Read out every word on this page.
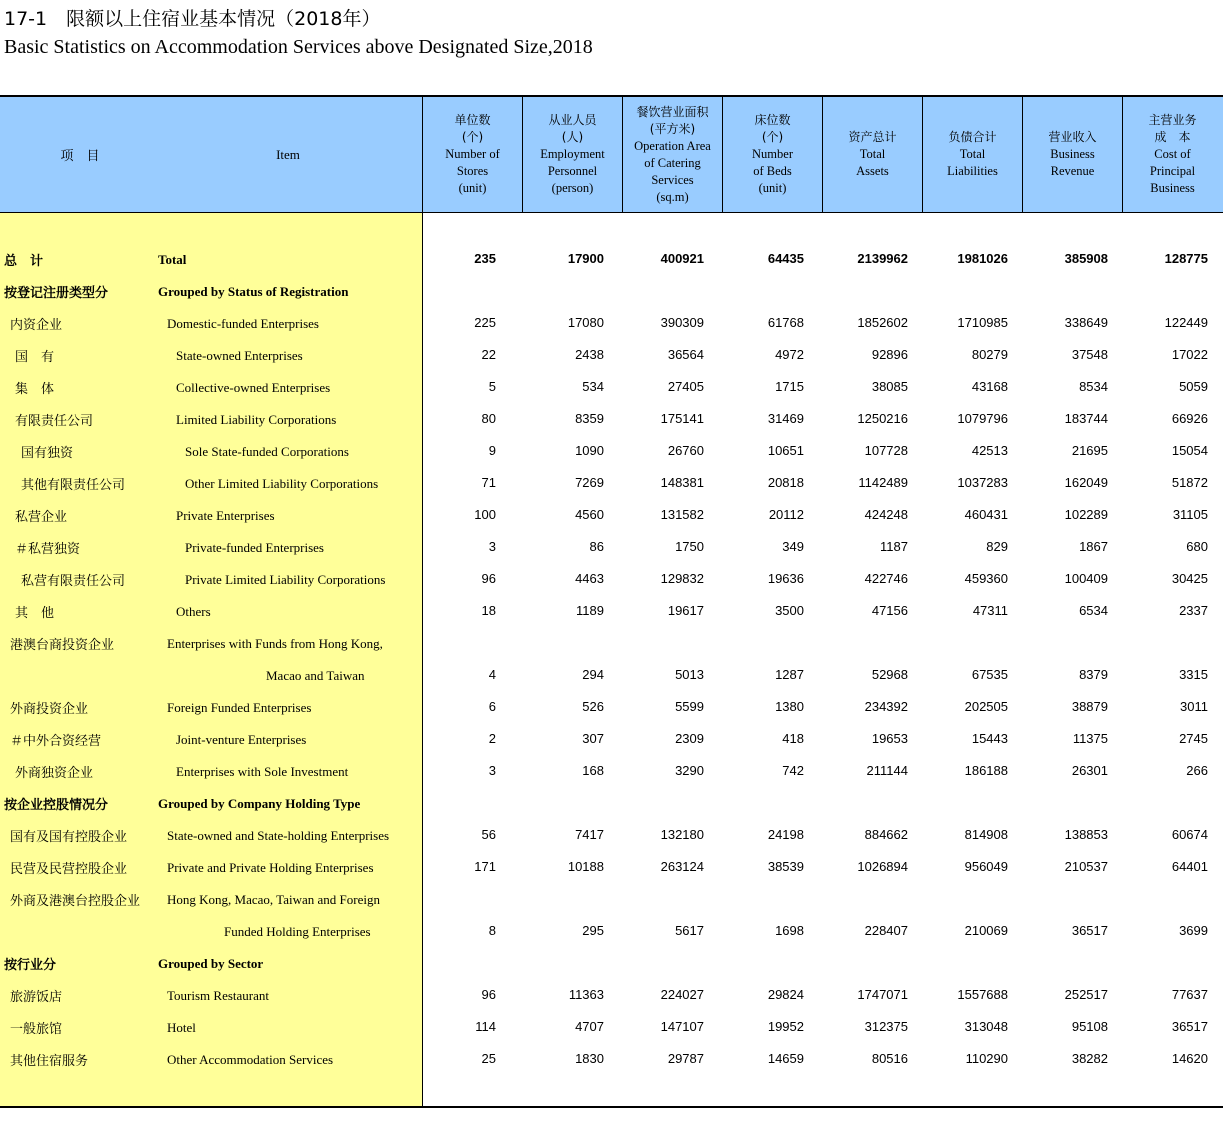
17-1　限额以上住宿业基本情况（2018年）
Basic Statistics on Accommodation Services above Designated Size,2018
项　目	Item
单位数
(个)
Number of
Stores
(unit)
从业人员
(人)
Employment
Personnel
(person)
餐饮营业面积
(平方米)
Operation Area
of Catering
Services
(sq.m)
床位数
(个)
Number
of Beds
(unit)
资产总计
Total
Assets
负债合计
Total
Liabilities
营业收入
Business
Revenue
主营业务
成　本
Cost of
Principal
Business
总　计	Total	235	17900	400921	64435	2139962	1981026	385908	128775
按登记注册类型分	Grouped by Status of Registration
内资企业	Domestic-funded Enterprises	225	17080	390309	61768	1852602	1710985	338649	122449
国　有	State-owned Enterprises	22	2438	36564	4972	92896	80279	37548	17022
集　体	Collective-owned Enterprises	5	534	27405	1715	38085	43168	8534	5059
有限责任公司	Limited Liability Corporations	80	8359	175141	31469	1250216	1079796	183744	66926
国有独资	Sole State-funded Corporations	9	1090	26760	10651	107728	42513	21695	15054
其他有限责任公司	Other Limited Liability Corporations	71	7269	148381	20818	1142489	1037283	162049	51872
私营企业	Private Enterprises	100	4560	131582	20112	424248	460431	102289	31105
＃私营独资	Private-funded Enterprises	3	86	1750	349	1187	829	1867	680
私营有限责任公司	Private Limited Liability Corporations	96	4463	129832	19636	422746	459360	100409	30425
其　他	Others	18	1189	19617	3500	47156	47311	6534	2337
港澳台商投资企业	Enterprises with Funds from Hong Kong,
Macao and Taiwan	4	294	5013	1287	52968	67535	8379	3315
外商投资企业	Foreign Funded Enterprises	6	526	5599	1380	234392	202505	38879	3011
＃中外合资经营	Joint-venture Enterprises	2	307	2309	418	19653	15443	11375	2745
外商独资企业	Enterprises with Sole Investment	3	168	3290	742	211144	186188	26301	266
按企业控股情况分	Grouped by Company Holding Type
国有及国有控股企业	State-owned and State-holding Enterprises	56	7417	132180	24198	884662	814908	138853	60674
民营及民营控股企业	Private and Private Holding Enterprises	171	10188	263124	38539	1026894	956049	210537	64401
外商及港澳台控股企业 Hong Kong, Macao, Taiwan and Foreign
Funded Holding Enterprises	8	295	5617	1698	228407	210069	36517	3699
按行业分	Grouped by Sector
旅游饭店	Tourism Restaurant	96	11363	224027	29824	1747071	1557688	252517	77637
一般旅馆	Hotel	114	4707	147107	19952	312375	313048	95108	36517
其他住宿服务	Other Accommodation Services	25	1830	29787	14659	80516	110290	38282	14620
